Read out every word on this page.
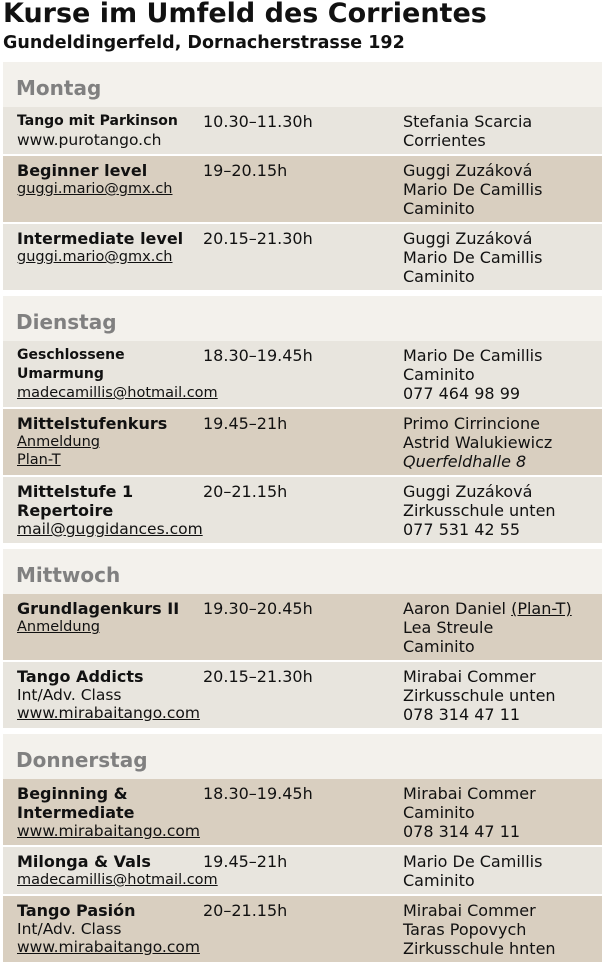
Kurse im Umfeld des Corrientes
Gundeldingerfeld, Dornacherstrasse 192
Montag
Tango mit Parkinson
www.purotango.ch
10.30–11.30h	Stefania Scarcia
Corrientes
Beginner level
guggi.mario@gmx.ch
19–20.15h	Guggi Zuzáková
Mario De Camillis
Caminito
Intermediate level
guggi.mario@gmx.ch
20.15–21.30h	Guggi Zuzáková
Mario De Camillis
Caminito
Dienstag
Geschlossene Umarmung
madecamillis@hotmail.com
18.30–19.45h	Mario De Camillis
Caminito
077 464 98 99
Mittelstufenkurs
Anmeldung
Plan-T
19.45–21h	Primo Cirrincione
Astrid Walukiewicz
Querfeldhalle 8
Mittelstufe 1 Repertoire
mail@guggidances.com
20–21.15h	Guggi Zuzáková
Zirkusschule unten
077 531 42 55
Mittwoch
Grundlagenkurs II
Anmeldung
19.30–20.45h	Aaron Daniel (Plan-T)
Lea Streule
Caminito
Tango Addicts
Int/Adv. Class
www.mirabaitango.com
20.15–21.30h	Mirabai Commer
Zirkusschule unten
078 314 47 11
Donnerstag
Beginning & Intermediate
www.mirabaitango.com
18.30–19.45h	Mirabai Commer
Caminito
078 314 47 11
Milonga & Vals
madecamillis@hotmail.com
19.45–21h	Mario De Camillis
Caminito
Tango Pasión
Int/Adv. Class
www.mirabaitango.com
20–21.15h	Mirabai Commer
Taras Popovych
Zirkusschule hnten
